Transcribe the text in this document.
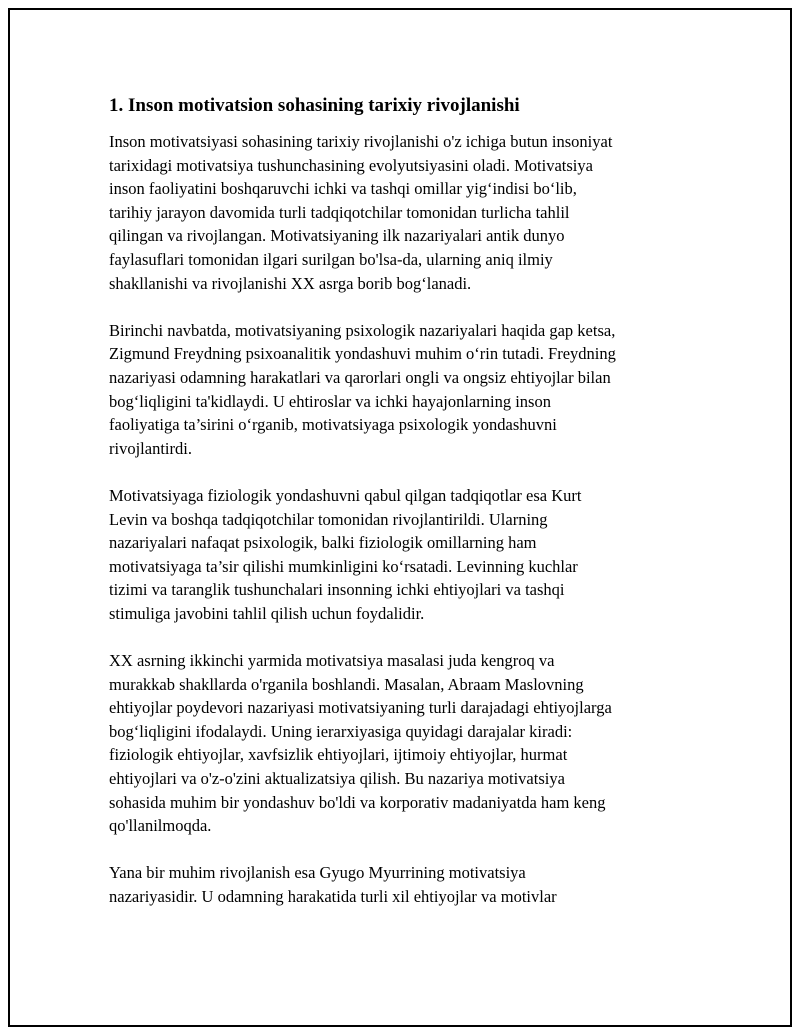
1. Inson motivatsion sohasining tarixiy rivojlanishi

Inson motivatsiyasi sohasining tarixiy rivojlanishi o'z ichiga butun insoniyat
tarixidagi motivatsiya tushunchasining evolyutsiyasini oladi. Motivatsiya
inson faoliyatini boshqaruvchi ichki va tashqi omillar yig‘indisi bo‘lib,
tarihiy jarayon davomida turli tadqiqotchilar tomonidan turlicha tahlil
qilingan va rivojlangan. Motivatsiyaning ilk nazariyalari antik dunyo
faylasuflari tomonidan ilgari surilgan bo'lsa-da, ularning aniq ilmiy
shakllanishi va rivojlanishi XX asrga borib bog‘lanadi.

Birinchi navbatda, motivatsiyaning psixologik nazariyalari haqida gap ketsa,
Zigmund Freydning psixoanalitik yondashuvi muhim o‘rin tutadi. Freydning
nazariyasi odamning harakatlari va qarorlari ongli va ongsiz ehtiyojlar bilan
bog‘liqligini ta'kidlaydi. U ehtiroslar va ichki hayajonlarning inson
faoliyatiga ta’sirini o‘rganib, motivatsiyaga psixologik yondashuvni
rivojlantirdi.

Motivatsiyaga fiziologik yondashuvni qabul qilgan tadqiqotlar esa Kurt
Levin va boshqa tadqiqotchilar tomonidan rivojlantirildi. Ularning
nazariyalari nafaqat psixologik, balki fiziologik omillarning ham
motivatsiyaga ta’sir qilishi mumkinligini ko‘rsatadi. Levinning kuchlar
tizimi va taranglik tushunchalari insonning ichki ehtiyojlari va tashqi
stimuliga javobini tahlil qilish uchun foydalidir.

XX asrning ikkinchi yarmida motivatsiya masalasi juda kengroq va
murakkab shakllarda o'rganila boshlandi. Masalan, Abraam Maslovning
ehtiyojlar poydevori nazariyasi motivatsiyaning turli darajadagi ehtiyojlarga
bog‘liqligini ifodalaydi. Uning ierarxiyasiga quyidagi darajalar kiradi:
fiziologik ehtiyojlar, xavfsizlik ehtiyojlari, ijtimoiy ehtiyojlar, hurmat
ehtiyojlari va o'z-o'zini aktualizatsiya qilish. Bu nazariya motivatsiya
sohasida muhim bir yondashuv bo'ldi va korporativ madaniyatda ham keng
qo'llanilmoqda.

Yana bir muhim rivojlanish esa Gyugo Myurrining motivatsiya
nazariyasidir. U odamning harakatida turli xil ehtiyojlar va motivlar
